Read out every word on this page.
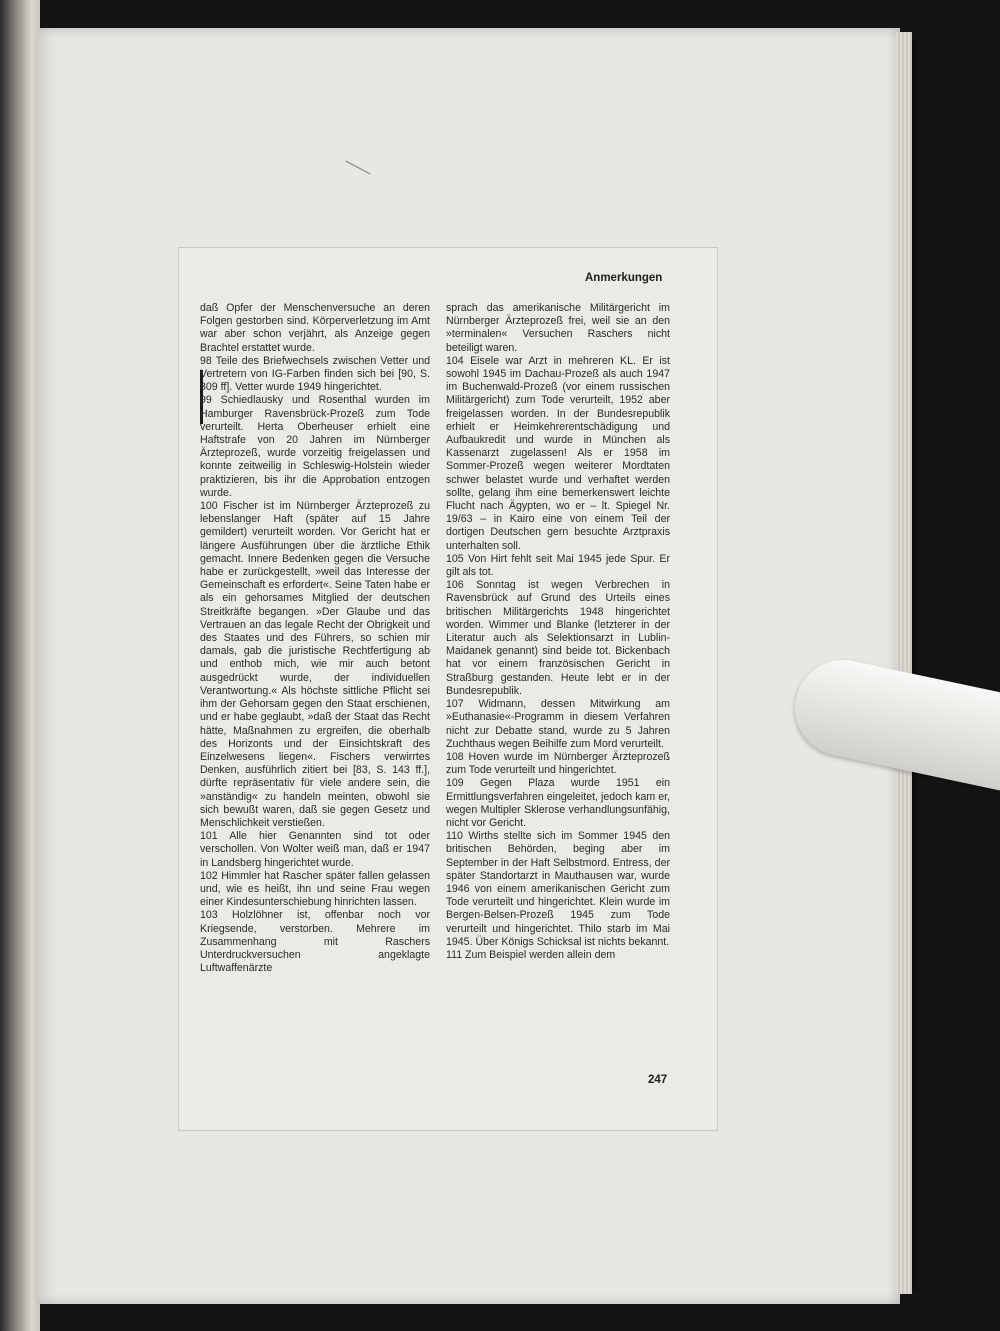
Anmerkungen

daß Opfer der Menschenversuche an deren Folgen gestorben sind. Körperverletzung im Amt war aber schon verjährt, als Anzeige gegen Brachtel erstattet wurde.

98 Teile des Briefwechsels zwischen Vetter und Vertretern von IG-Farben finden sich bei [90, S. 309 ff]. Vetter wurde 1949 hingerichtet.

99 Schiedlausky und Rosenthal wurden im Hamburger Ravensbrück-Prozeß zum Tode verurteilt. Herta Oberheuser erhielt eine Haftstrafe von 20 Jahren im Nürnberger Ärzteprozeß, wurde vorzeitig freigelassen und konnte zeitweilig in Schleswig-Holstein wieder praktizieren, bis ihr die Approbation entzogen wurde.

100 Fischer ist im Nürnberger Ärzteprozeß zu lebenslanger Haft (später auf 15 Jahre gemildert) verurteilt worden. Vor Gericht hat er längere Ausführungen über die ärztliche Ethik gemacht. Innere Bedenken gegen die Versuche habe er zurückgestellt, »weil das Interesse der Gemeinschaft es erfordert«. Seine Taten habe er als ein gehorsames Mitglied der deutschen Streitkräfte begangen. »Der Glaube und das Vertrauen an das legale Recht der Obrigkeit und des Staates und des Führers, so schien mir damals, gab die juristische Rechtfertigung ab und enthob mich, wie mir auch betont ausgedrückt wurde, der individuellen Verantwortung.« Als höchste sittliche Pflicht sei ihm der Gehorsam gegen den Staat erschienen, und er habe geglaubt, »daß der Staat das Recht hätte, Maßnahmen zu ergreifen, die oberhalb des Horizonts und der Einsichtskraft des Einzelwesens liegen«. Fischers verwirrtes Denken, ausführlich zitiert bei [83, S. 143 ff.], dürfte repräsentativ für viele andere sein, die »anständig« zu handeln meinten, obwohl sie sich bewußt waren, daß sie gegen Gesetz und Menschlichkeit verstießen.

101 Alle hier Genannten sind tot oder verschollen. Von Wolter weiß man, daß er 1947 in Landsberg hingerichtet wurde.

102 Himmler hat Rascher später fallen gelassen und, wie es heißt, ihn und seine Frau wegen einer Kindesunterschiebung hinrichten lassen.

103 Holzlöhner ist, offenbar noch vor Kriegsende, verstorben. Mehrere im Zusammenhang mit Raschers Unterdruckversuchen angeklagte Luftwaffenärzte

sprach das amerikanische Militärgericht im Nürnberger Ärzteprozeß frei, weil sie an den »terminalen« Versuchen Raschers nicht beteiligt waren.

104 Eisele war Arzt in mehreren KL. Er ist sowohl 1945 im Dachau-Prozeß als auch 1947 im Buchenwald-Prozeß (vor einem russischen Militärgericht) zum Tode verurteilt, 1952 aber freigelassen worden. In der Bundesrepublik erhielt er Heimkehrerentschädigung und Aufbaukredit und wurde in München als Kassenarzt zugelassen! Als er 1958 im Sommer-Prozeß wegen weiterer Mordtaten schwer belastet wurde und verhaftet werden sollte, gelang ihm eine bemerkenswert leichte Flucht nach Ägypten, wo er – lt. Spiegel Nr. 19/63 – in Kairo eine von einem Teil der dortigen Deutschen gern besuchte Arztpraxis unterhalten soll.

105 Von Hirt fehlt seit Mai 1945 jede Spur. Er gilt als tot.

106 Sonntag ist wegen Verbrechen in Ravensbrück auf Grund des Urteils eines britischen Militärgerichts 1948 hingerichtet worden. Wimmer und Blanke (letzterer in der Literatur auch als Selektionsarzt in Lublin-Maidanek genannt) sind beide tot. Bickenbach hat vor einem französischen Gericht in Straßburg gestanden. Heute lebt er in der Bundesrepublik.

107 Widmann, dessen Mitwirkung am »Euthanasie«-Programm in diesem Verfahren nicht zur Debatte stand, wurde zu 5 Jahren Zuchthaus wegen Beihilfe zum Mord verurteilt.

108 Hoven wurde im Nürnberger Ärzteprozeß zum Tode verurteilt und hingerichtet.

109 Gegen Plaza wurde 1951 ein Ermittlungsverfahren eingeleitet, jedoch kam er, wegen Multipler Sklerose verhandlungsunfähig, nicht vor Gericht.

110 Wirths stellte sich im Sommer 1945 den britischen Behörden, beging aber im September in der Haft Selbstmord. Entress, der später Standortarzt in Mauthausen war, wurde 1946 von einem amerikanischen Gericht zum Tode verurteilt und hingerichtet. Klein wurde im Bergen-Belsen-Prozeß 1945 zum Tode verurteilt und hingerichtet. Thilo starb im Mai 1945. Über Königs Schicksal ist nichts bekannt.

111 Zum Beispiel werden allein dem

247
